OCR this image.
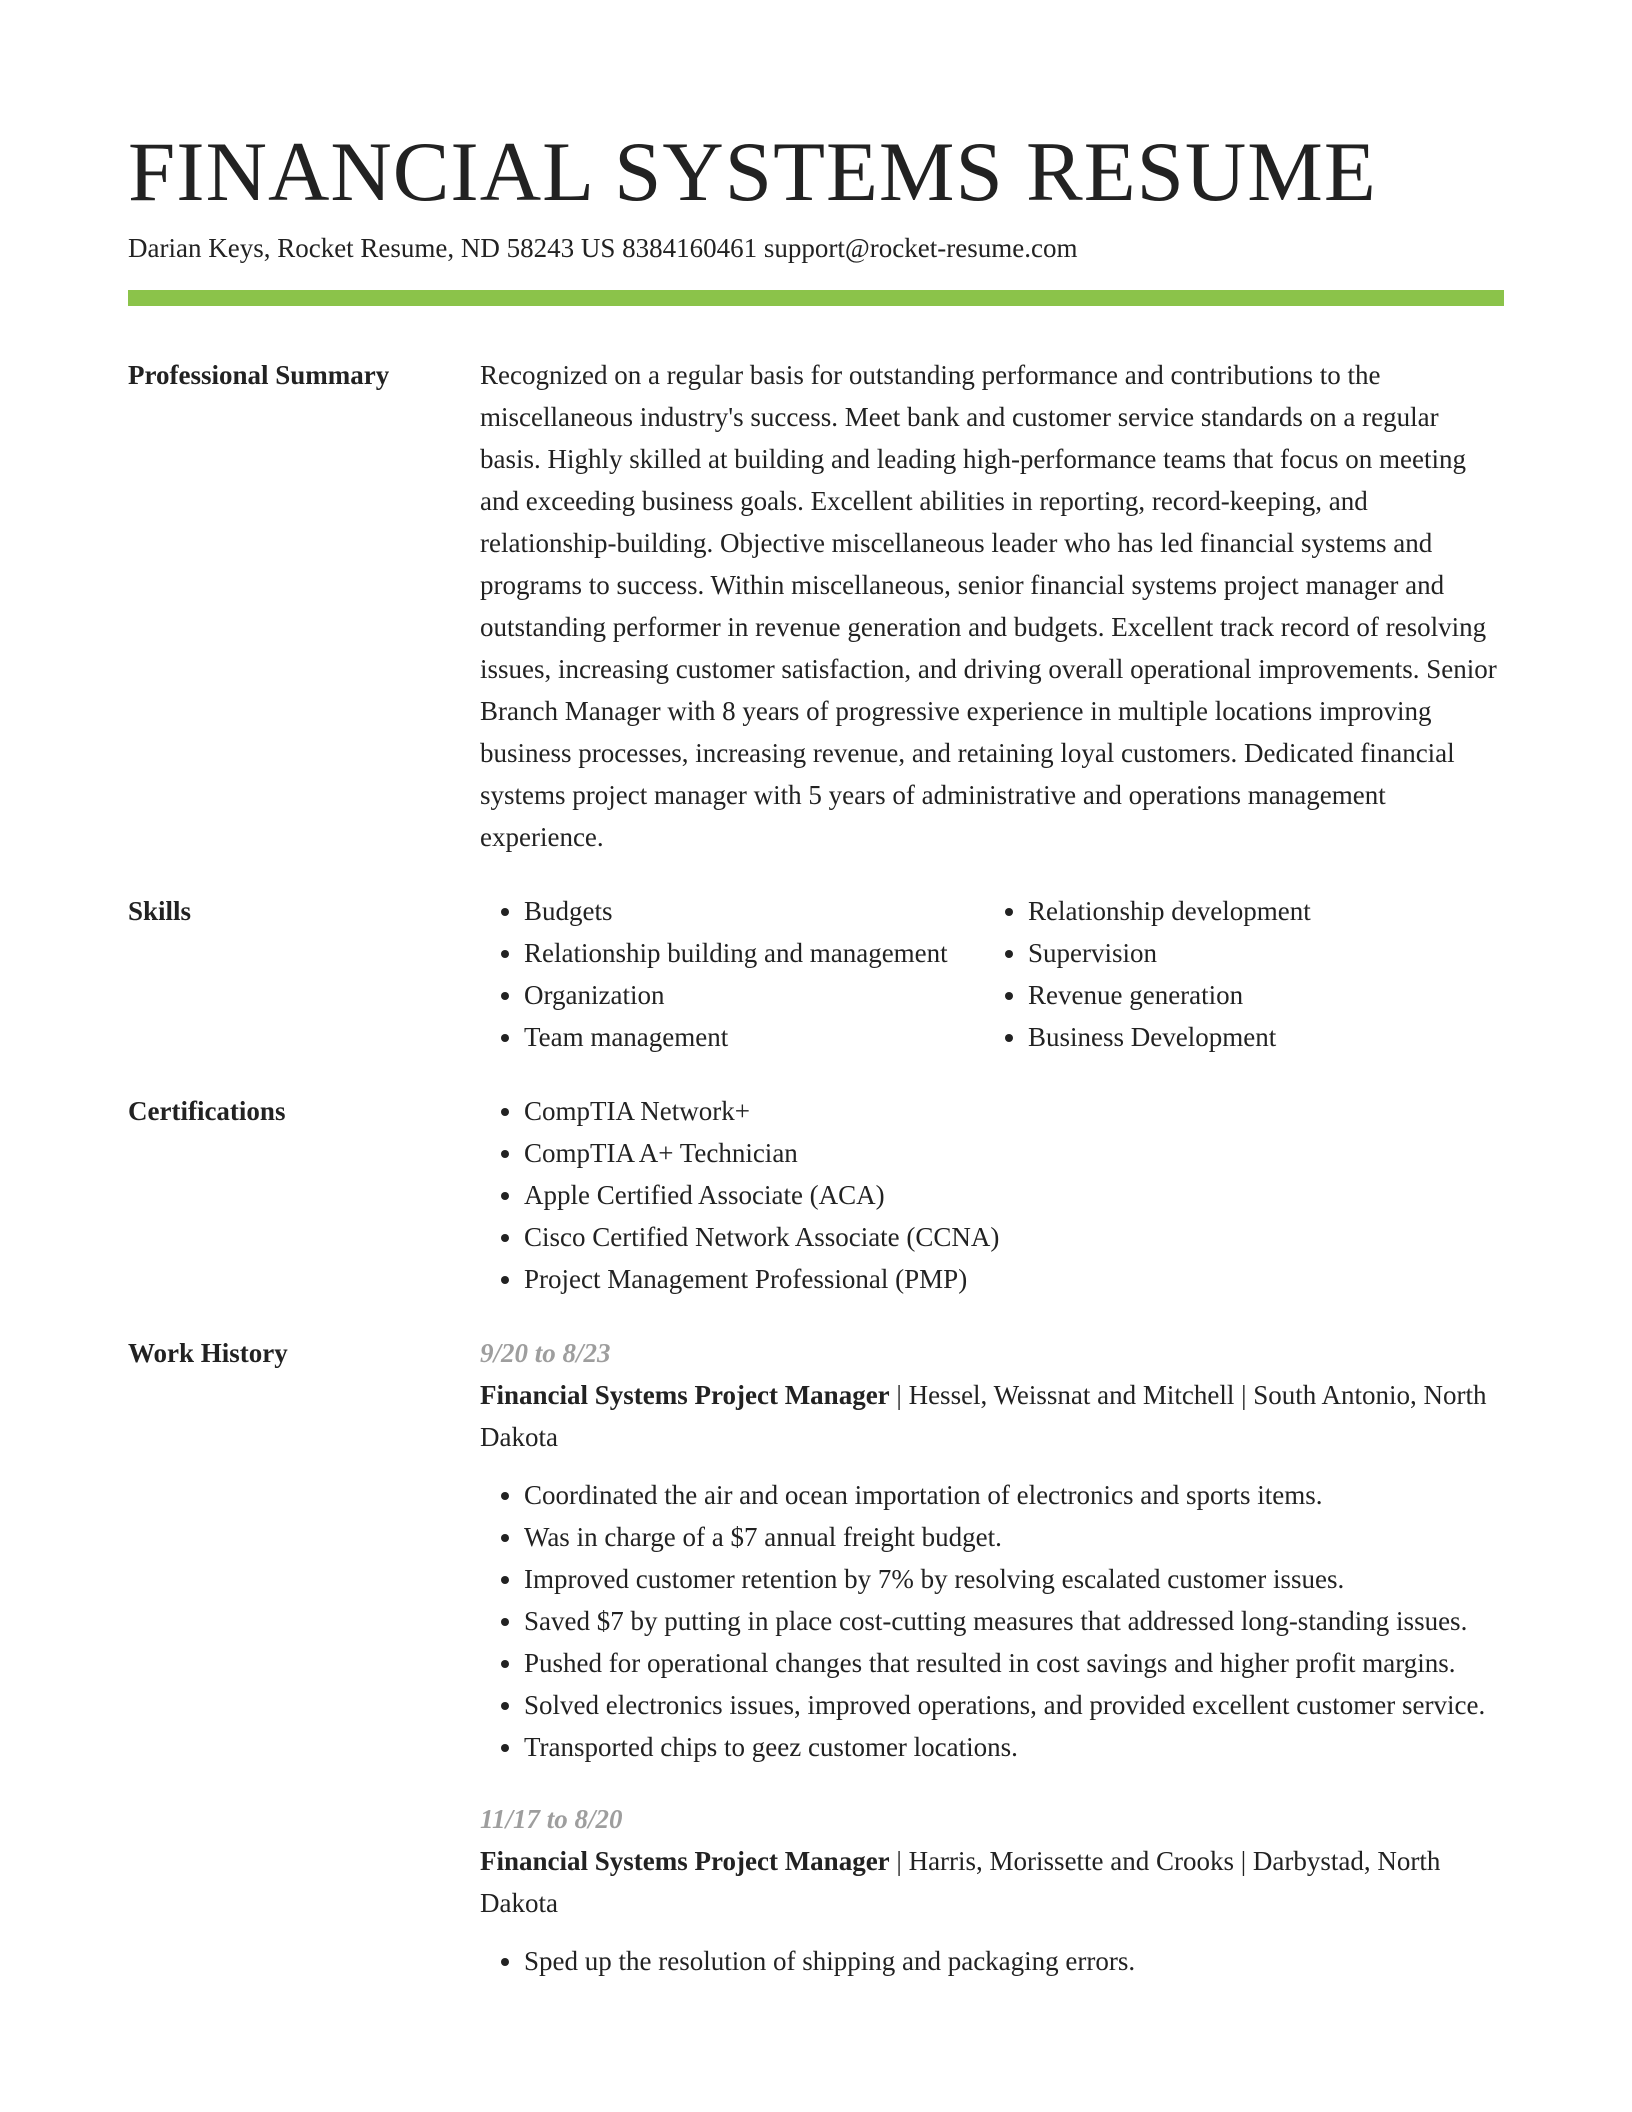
FINANCIAL SYSTEMS RESUME
Darian Keys, Rocket Resume, ND 58243 US 8384160461 support@rocket-resume.com
Professional Summary	Recognized on a regular basis for outstanding performance and contributions to the miscellaneous industry's success. Meet bank and customer service standards on a regular basis. Highly skilled at building and leading high-performance teams that focus on meeting and exceeding business goals. Excellent abilities in reporting, record-keeping, and relationship-building. Objective miscellaneous leader who has led financial systems and programs to success. Within miscellaneous, senior financial systems project manager and outstanding performer in revenue generation and budgets. Excellent track record of resolving issues, increasing customer satisfaction, and driving overall operational improvements. Senior Branch Manager with 8 years of progressive experience in multiple locations improving business processes, increasing revenue, and retaining loyal customers. Dedicated financial systems project manager with 5 years of administrative and operations management experience.

Skills	• Budgets
• Relationship building and management
• Organization
• Team management
• Relationship development
• Supervision
• Revenue generation
• Business Development
Certifications	• CompTIA Network+
• CompTIA A+ Technician
• Apple Certified Associate (ACA)
• Cisco Certified Network Associate (CCNA)
• Project Management Professional (PMP)
Work History	9/20 to 8/23

Financial Systems Project Manager | Hessel, Weissnat and Mitchell | South Antonio, North Dakota

• Coordinated the air and ocean importation of electronics and sports items.
• Was in charge of a $7 annual freight budget.
• Improved customer retention by 7% by resolving escalated customer issues.
• Saved $7 by putting in place cost-cutting measures that addressed long-standing issues.
• Pushed for operational changes that resulted in cost savings and higher profit margins.
• Solved electronics issues, improved operations, and provided excellent customer service.
• Transported chips to geez customer locations.
11/17 to 8/20

Financial Systems Project Manager | Harris, Morissette and Crooks | Darbystad, North Dakota

• Sped up the resolution of shipping and packaging errors.
